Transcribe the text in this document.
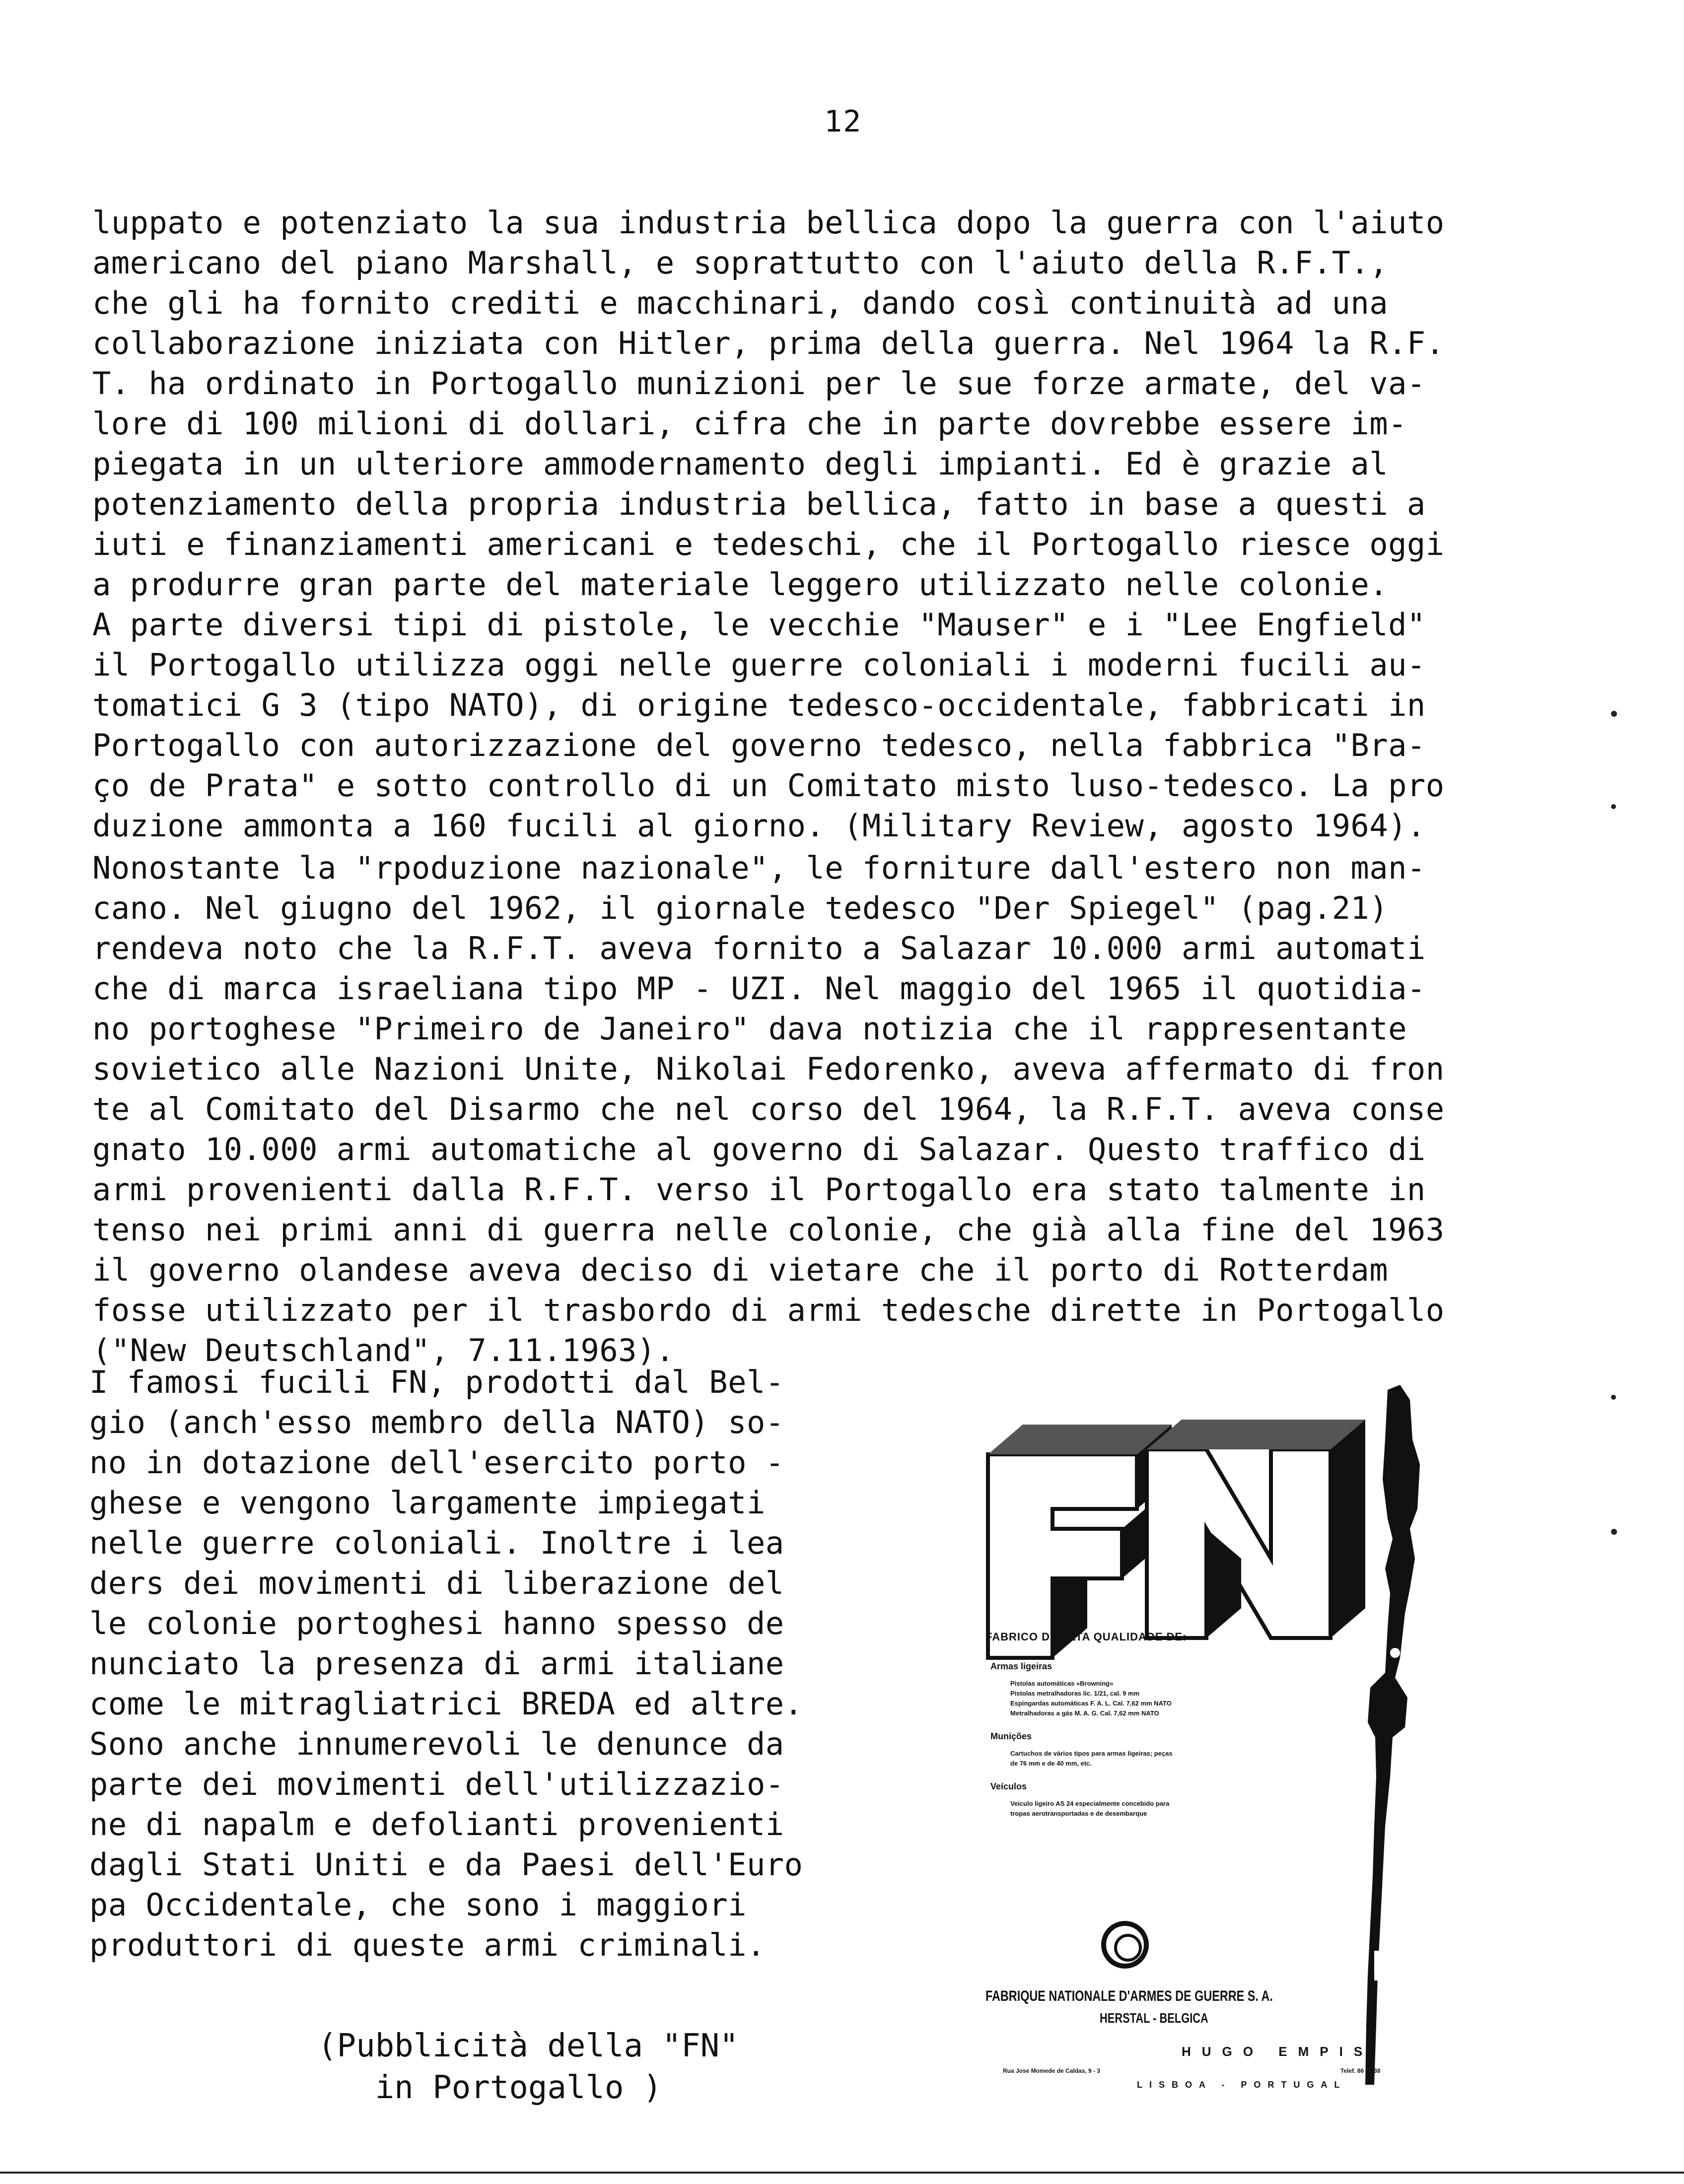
12
luppato e potenziato la sua industria bellica dopo la guerra con l'aiuto
americano del piano Marshall, e soprattutto con l'aiuto della R.F.T.,
che gli ha fornito crediti e macchinari, dando così continuità ad una
collaborazione iniziata con Hitler, prima della guerra. Nel 1964 la R.F.
T. ha ordinato in Portogallo munizioni per le sue forze armate, del va-
lore di 100 milioni di dollari, cifra che in parte dovrebbe essere im-
piegata in un ulteriore ammodernamento degli impianti. Ed è grazie al
potenziamento della propria industria bellica, fatto in base a questi a
iuti e finanziamenti americani e tedeschi, che il Portogallo riesce oggi
a produrre gran parte del materiale leggero utilizzato nelle colonie.
A parte diversi tipi di pistole, le vecchie "Mauser" e i "Lee Engfield"
il Portogallo utilizza oggi nelle guerre coloniali i moderni fucili au-
tomatici G 3 (tipo NATO), di origine tedesco-occidentale, fabbricati in
Portogallo con autorizzazione del governo tedesco, nella fabbrica "Bra-
ço de Prata" e sotto controllo di un Comitato misto luso-tedesco. La pro
duzione ammonta a 160 fucili al giorno. (Military Review, agosto 1964).
Nonostante la "rpoduzione nazionale", le forniture dall'estero non man-
cano. Nel giugno del 1962, il giornale tedesco "Der Spiegel" (pag.21)
rendeva noto che la R.F.T. aveva fornito a Salazar 10.000 armi automati
che di marca israeliana tipo MP - UZI. Nel maggio del 1965 il quotidia-
no portoghese "Primeiro de Janeiro" dava notizia che il rappresentante
sovietico alle Nazioni Unite, Nikolai Fedorenko, aveva affermato di fron
te al Comitato del Disarmo che nel corso del 1964, la R.F.T. aveva conse
gnato 10.000 armi automatiche al governo di Salazar. Questo traffico di
armi provenienti dalla R.F.T. verso il Portogallo era stato talmente in
tenso nei primi anni di guerra nelle colonie, che già alla fine del 1963
il governo olandese aveva deciso di vietare che il porto di Rotterdam
fosse utilizzato per il trasbordo di armi tedesche dirette in Portogallo
("New Deutschland", 7.11.1963).
I famosi fucili FN, prodotti dal Bel-
gio (anch'esso membro della NATO) so-
no in dotazione dell'esercito porto -
ghese e vengono largamente impiegati
nelle guerre coloniali. Inoltre i lea
ders dei movimenti di liberazione del
le colonie portoghesi hanno spesso de
nunciato la presenza di armi italiane
come le mitragliatrici BREDA ed altre.
Sono anche innumerevoli le denunce da
parte dei movimenti dell'utilizzazio-
ne di napalm e defolianti provenienti
dagli Stati Uniti e da Paesi dell'Euro
pa Occidentale, che sono i maggiori
produttori di queste armi criminali.
FABRICO DE ALTA QUALIDADE DE:
Armas ligeiras
Pistolas automáticas «Browning»
Pistolas metralhadoras lic. 1/21, cal. 9 mm
Espingardas automáticas F. A. L. Cal. 7,62 mm NATO
Metralhadoras a gás M. A. G. Cal. 7,62 mm NATO
Munições
Cartuchos de vários tipos para armas ligeiras; peças
de 76 mm e de 40 mm, etc.
Veículos
Veículo ligeiro AS 24 especialmente concebido para
tropas aerotransportadas e de desembarque
FABRIQUE NATIONALE D'ARMES DE GUERRE S. A.
HERSTAL - BELGICA
HUGO EMPIS
Rua Jose Momede de Caldas, 9 - 3	Telef. 86 31 38
LISBOA - PORTUGAL
(Pubblicità della "FN"
in Portogallo )
